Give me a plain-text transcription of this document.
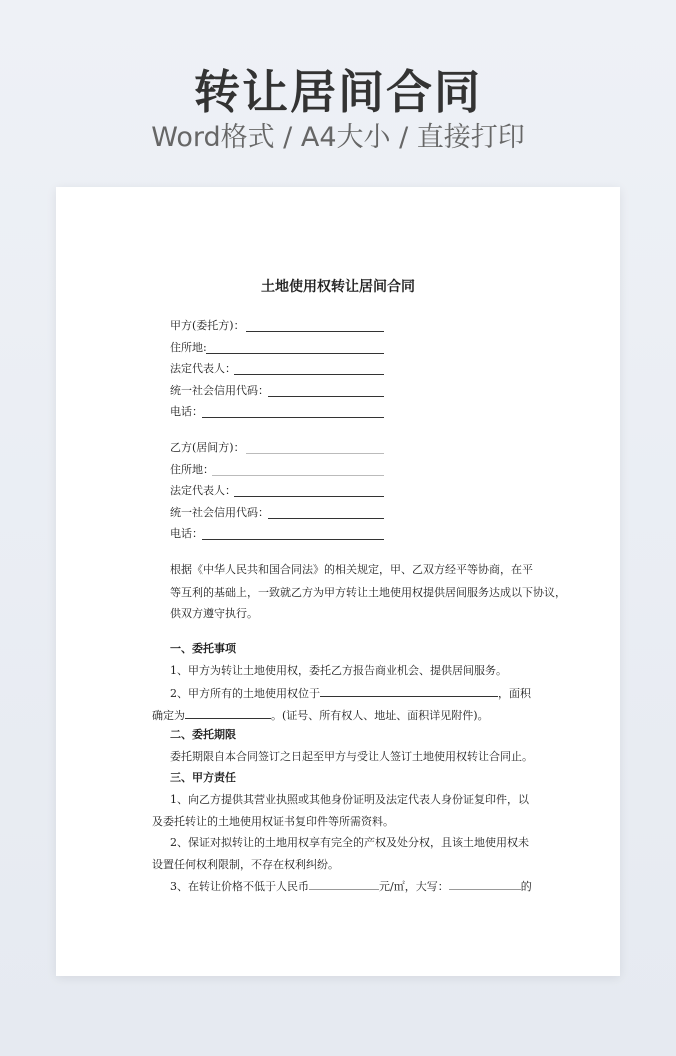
转让居间合同
Word格式 / A4大小 / 直接打印
土地使用权转让居间合同
甲方(委托方)：
住所地:
法定代表人：
统一社会信用代码：
电话：
乙方(居间方)：
住所地：
法定代表人：
统一社会信用代码：
电话：
根据《中华人民共和国合同法》的相关规定，甲、乙双方经平等协商，在平
等互利的基础上，一致就乙方为甲方转让土地使用权提供居间服务达成以下协议，
供双方遵守执行。
一、委托事项
1、甲方为转让土地使用权，委托乙方报告商业机会、提供居间服务。
2、甲方所有的土地使用权位于	，面积
确定为	。(证号、所有权人、地址、面积详见附件)。
二、委托期限
委托期限自本合同签订之日起至甲方与受让人签订土地使用权转让合同止。
三、甲方责任
1、向乙方提供其营业执照或其他身份证明及法定代表人身份证复印件，以
及委托转让的土地使用权证书复印件等所需资料。
2、保证对拟转让的土地用权享有完全的产权及处分权，且该土地使用权未
设置任何权利限制，不存在权利纠纷。
3、在转让价格不低于人民币	元/㎡，大写：	的
